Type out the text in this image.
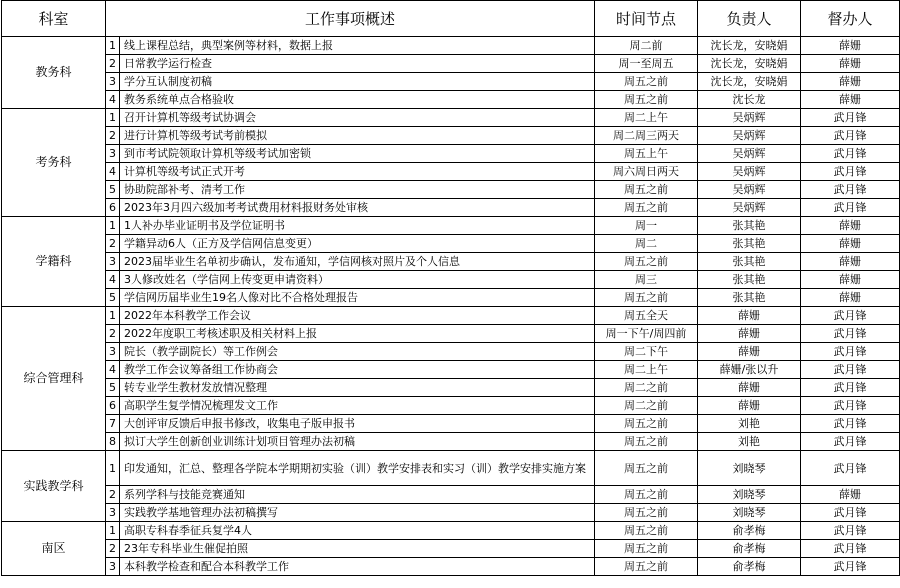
科室	工作事项概述		时间节点	负责人	督办人
教务科	1	线上课程总结，典型案例等材料，数据上报	周二前	沈长龙，安晓娟	薛姗
	2	日常教学运行检查	周一至周五	沈长龙，安晓娟	薛姗
	3	学分互认制度初稿	周五之前	沈长龙，安晓娟	薛姗
	4	教务系统单点合格验收	周五之前	沈长龙	薛姗
考务科	1	召开计算机等级考试协调会	周二上午	吴炳辉	武月锋
	2	进行计算机等级考试考前模拟	周二周三两天	吴炳辉	武月锋
	3	到市考试院领取计算机等级考试加密锁	周五上午	吴炳辉	武月锋
	4	计算机等级考试正式开考	周六周日两天	吴炳辉	武月锋
	5	协助院部补考、清考工作	周五之前	吴炳辉	武月锋
	6	2023年3月四六级加考考试费用材料报财务处审核	周五之前	吴炳辉	武月锋
学籍科	1	1人补办毕业证明书及学位证明书	周一	张其艳	薛姗
	2	学籍异动6人（正方及学信网信息变更）	周二	张其艳	薛姗
	3	2023届毕业生名单初步确认，发布通知，学信网核对照片及个人信息	周五之前	张其艳	薛姗
	4	3人修改姓名（学信网上传变更申请资料）	周三	张其艳	薛姗
	5	学信网历届毕业生19名人像对比不合格处理报告	周五之前	张其艳	薛姗
综合管理科	1	2022年本科教学工作会议	周五全天	薛姗	武月锋
	2	2022年度职工考核述职及相关材料上报	周一下午/周四前	薛姗	武月锋
	3	院长（教学副院长）等工作例会	周二下午	薛姗	武月锋
	4	教学工作会议筹备组工作协商会	周二上午	薛姗/张以升	武月锋
	5	转专业学生教材发放情况整理	周二之前	薛姗	武月锋
	6	高职学生复学情况梳理发文工作	周二之前	薛姗	武月锋
	7	大创评审反馈后申报书修改，收集电子版申报书	周五之前	刘艳	武月锋
	8	拟订大学生创新创业训练计划项目管理办法初稿	周五之前	刘艳	武月锋
实践教学科	1	印发通知，汇总、整理各学院本学期期初实验（训）教学安排表和实习（训）教学安排实施方案	周五之前	刘晓琴	武月锋
	2	系列学科与技能竞赛通知	周五之前	刘晓琴	薛姗
	3	实践教学基地管理办法初稿撰写	周五之前	刘晓琴	武月锋
南区	1	高职专科春季征兵复学4人	周五之前	俞孝梅	武月锋
	2	23年专科毕业生催促拍照	周五之前	俞孝梅	武月锋
	3	本科教学检查和配合本科教学工作	周五之前	俞孝梅	武月锋
